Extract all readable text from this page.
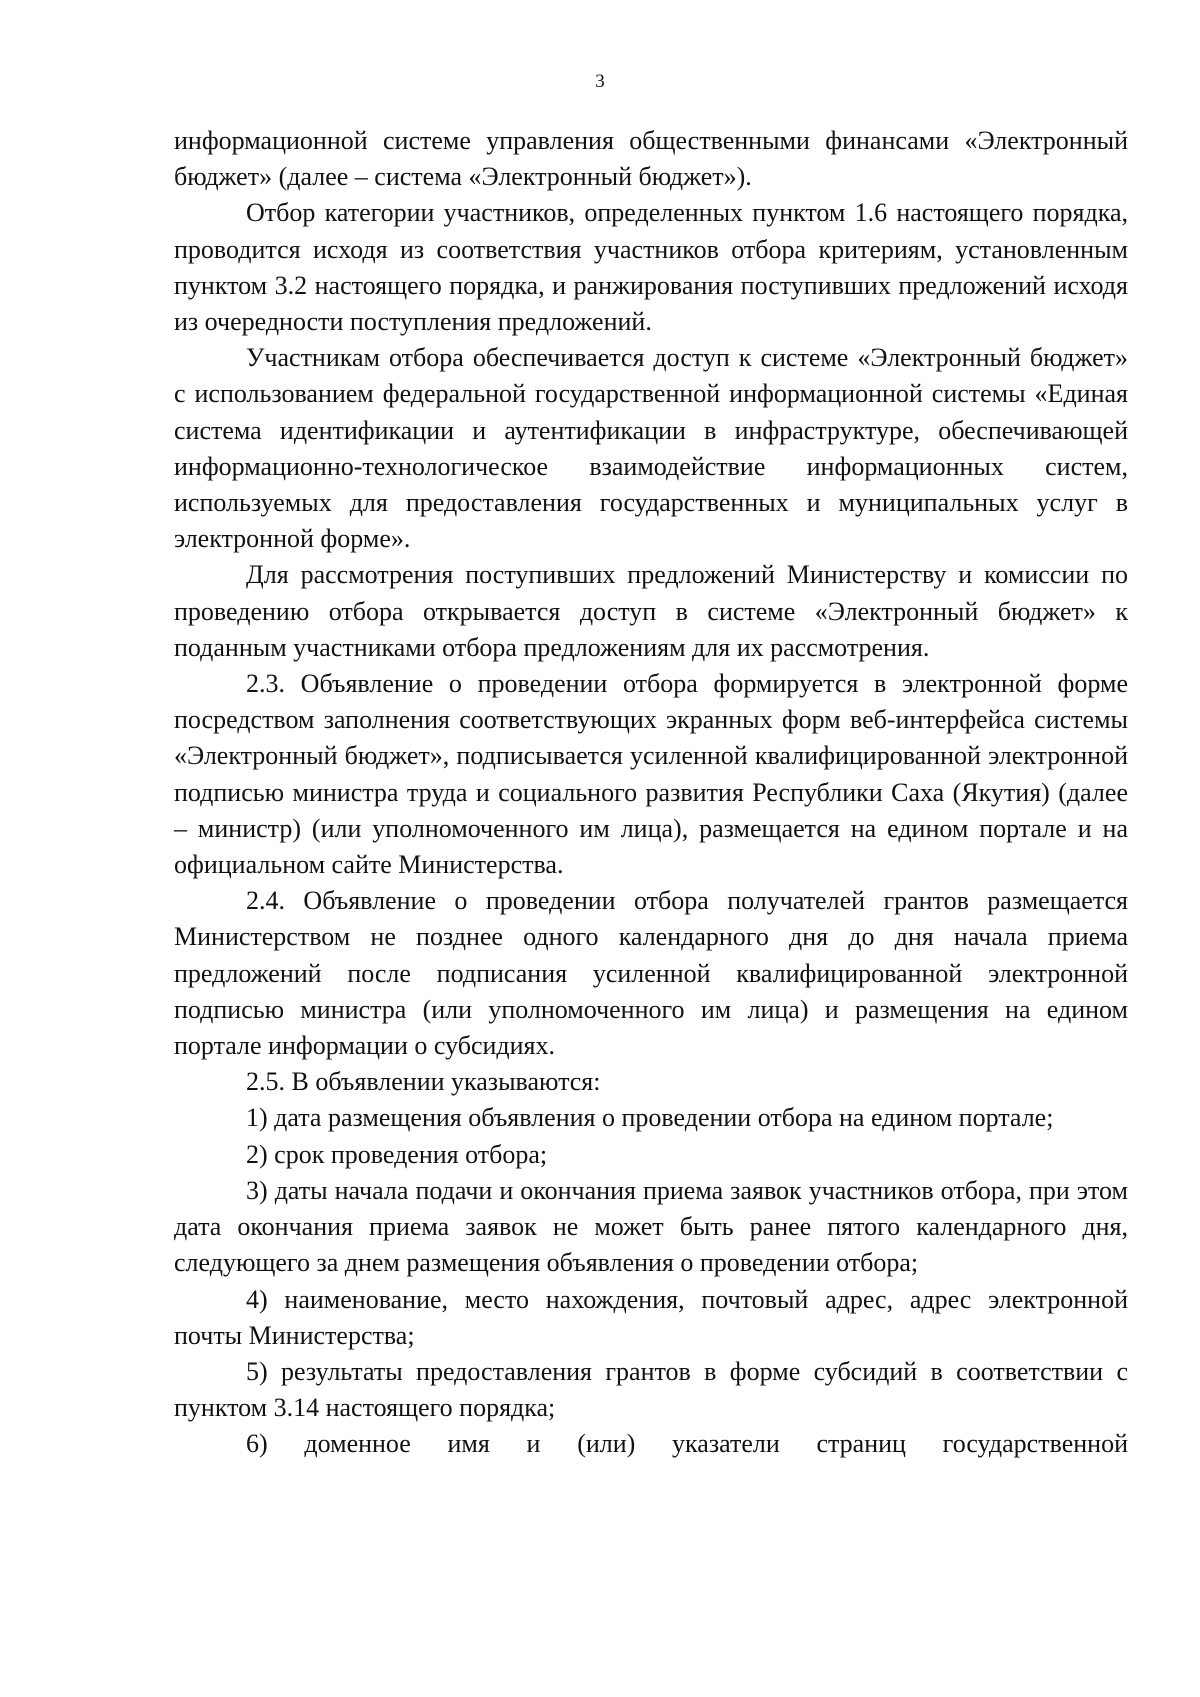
3

информационной системе управления общественными финансами «Электронный бюджет» (далее – система «Электронный бюджет»).

Отбор категории участников, определенных пунктом 1.6 настоящего порядка, проводится исходя из соответствия участников отбора критериям, установленным пунктом 3.2 настоящего порядка, и ранжирования поступивших предложений исходя из очередности поступления предложений.

Участникам отбора обеспечивается доступ к системе «Электронный бюджет» с использованием федеральной государственной информационной системы «Единая система идентификации и аутентификации в инфраструктуре, обеспечивающей информационно-технологическое взаимодействие информационных систем, используемых для предоставления государственных и муниципальных услуг в электронной форме».

Для рассмотрения поступивших предложений Министерству и комиссии по проведению отбора открывается доступ в системе «Электронный бюджет» к поданным участниками отбора предложениям для их рассмотрения.

2.3. Объявление о проведении отбора формируется в электронной форме посредством заполнения соответствующих экранных форм веб-интерфейса системы «Электронный бюджет», подписывается усиленной квалифицированной электронной подписью министра труда и социального развития Республики Саха (Якутия) (далее – министр) (или уполномоченного им лица), размещается на едином портале и на официальном сайте Министерства.

2.4. Объявление о проведении отбора получателей грантов размещается Министерством не позднее одного календарного дня до дня начала приема предложений после подписания усиленной квалифицированной электронной подписью министра (или уполномоченного им лица) и размещения на едином портале информации о субсидиях.

2.5. В объявлении указываются:

1) дата размещения объявления о проведении отбора на едином портале;

2) срок проведения отбора;

3) даты начала подачи и окончания приема заявок участников отбора, при этом дата окончания приема заявок не может быть ранее пятого календарного дня, следующего за днем размещения объявления о проведении отбора;

4) наименование, место нахождения, почтовый адрес, адрес электронной почты Министерства;

5) результаты предоставления грантов в форме субсидий в соответствии с пунктом 3.14 настоящего порядка;

6) доменное имя и (или) указатели страниц государственной
